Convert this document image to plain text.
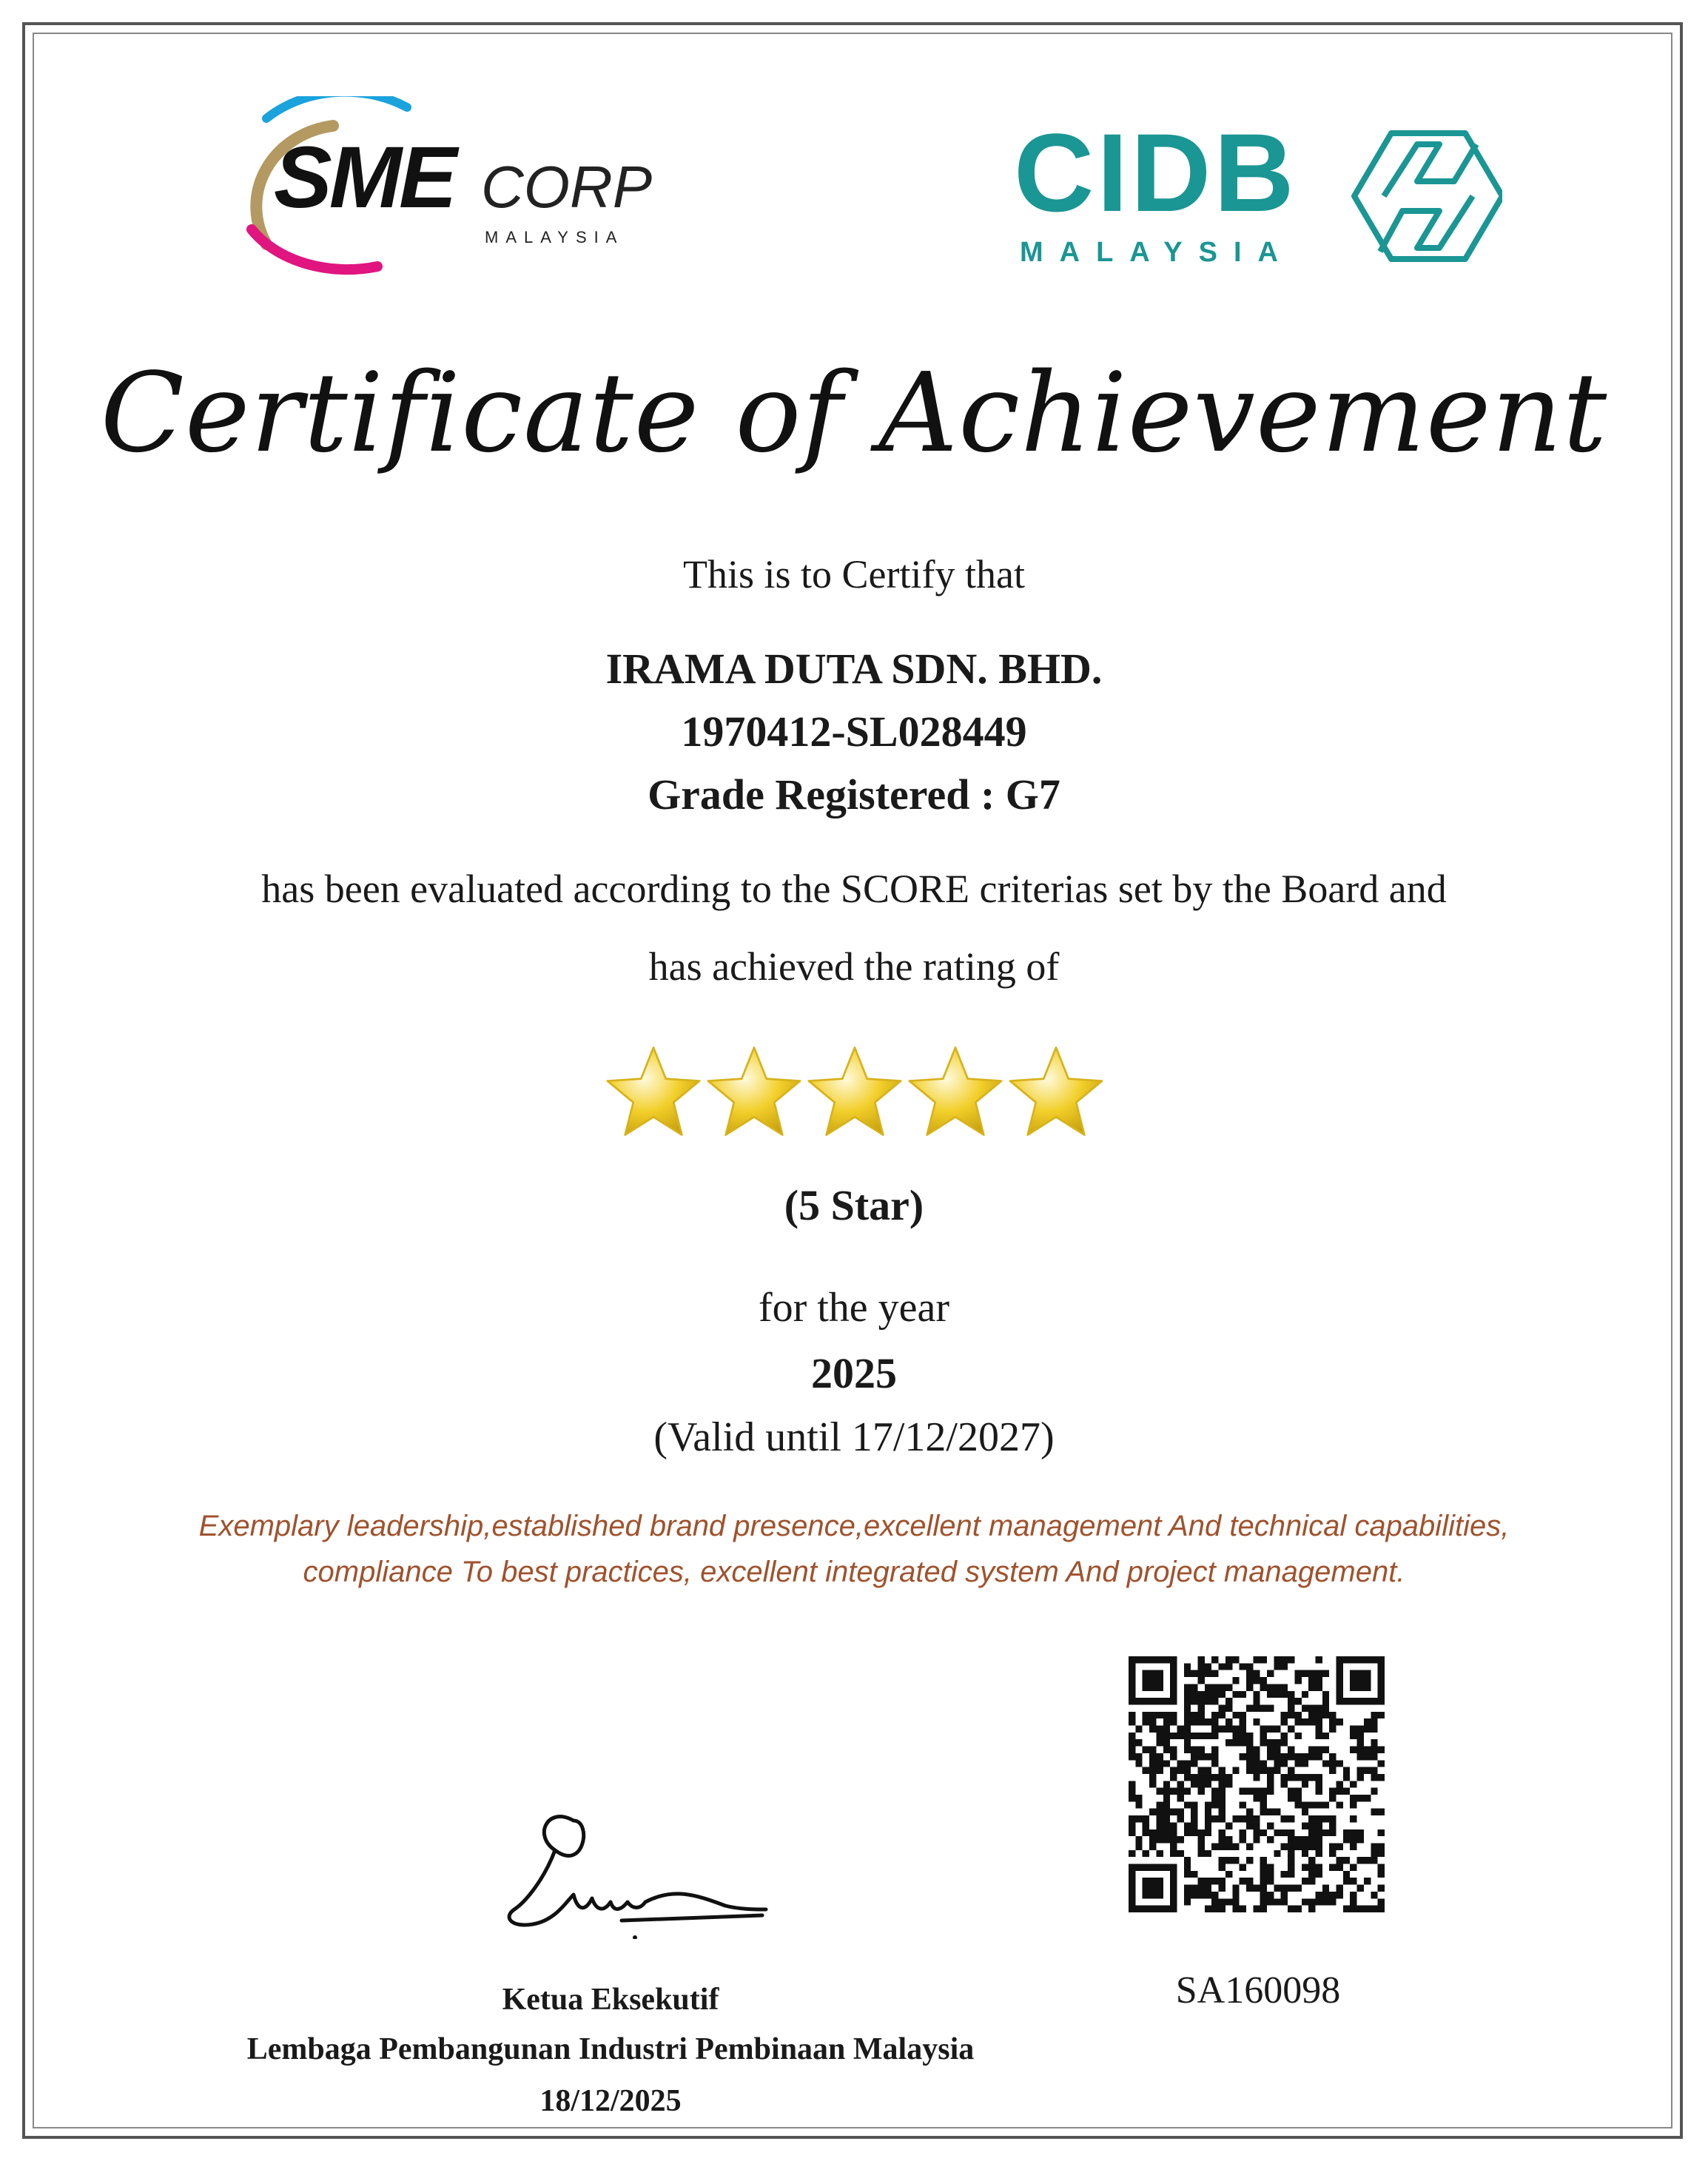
SME CORP
MALAYSIA
CIDB
MALAYSIA
Certificate of Achievement
This is to Certify that
IRAMA DUTA SDN. BHD.
1970412-SL028449
Grade Registered : G7
has been evaluated according to the SCORE criterias set by the Board and
has achieved the rating of
(5 Star)
for the year
2025
(Valid until 17/12/2027)
Exemplary leadership,established brand presence,excellent management And technical capabilities,
compliance To best practices, excellent integrated system And project management.
Ketua Eksekutif
Lembaga Pembangunan Industri Pembinaan Malaysia
18/12/2025
SA160098
